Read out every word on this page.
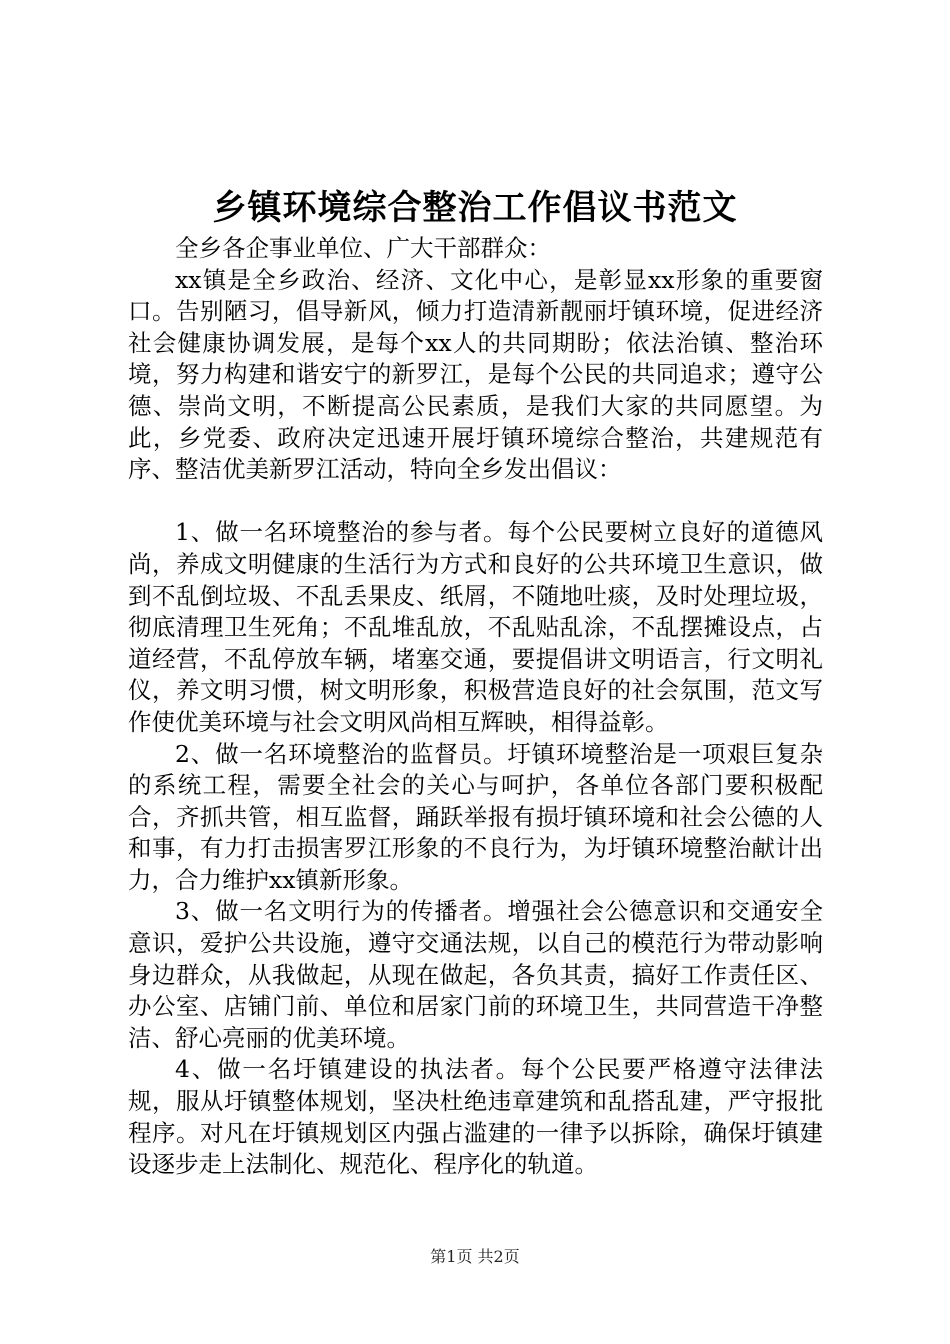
乡镇环境综合整治工作倡议书范文

全乡各企事业单位、广大干部群众：

xx镇是全乡政治、经济、文化中心，是彰显xx形象的重要窗口。告别陋习，倡导新风，倾力打造清新靓丽圩镇环境，促进经济社会健康协调发展，是每个xx人的共同期盼；依法治镇、整治环境，努力构建和谐安宁的新罗江，是每个公民的共同追求；遵守公德、崇尚文明，不断提高公民素质，是我们大家的共同愿望。为此，乡党委、政府决定迅速开展圩镇环境综合整治，共建规范有序、整洁优美新罗江活动，特向全乡发出倡议：

1、做一名环境整治的参与者。每个公民要树立良好的道德风尚，养成文明健康的生活行为方式和良好的公共环境卫生意识，做到不乱倒垃圾、不乱丢果皮、纸屑，不随地吐痰，及时处理垃圾，彻底清理卫生死角；不乱堆乱放，不乱贴乱涂，不乱摆摊设点，占道经营，不乱停放车辆，堵塞交通，要提倡讲文明语言，行文明礼仪，养文明习惯，树文明形象，积极营造良好的社会氛围，范文写作使优美环境与社会文明风尚相互辉映，相得益彰。

2、做一名环境整治的监督员。圩镇环境整治是一项艰巨复杂的系统工程，需要全社会的关心与呵护，各单位各部门要积极配合，齐抓共管，相互监督，踊跃举报有损圩镇环境和社会公德的人和事，有力打击损害罗江形象的不良行为，为圩镇环境整治献计出力，合力维护xx镇新形象。

3、做一名文明行为的传播者。增强社会公德意识和交通安全意识，爱护公共设施，遵守交通法规，以自己的模范行为带动影响身边群众，从我做起，从现在做起，各负其责，搞好工作责任区、办公室、店铺门前、单位和居家门前的环境卫生，共同营造干净整洁、舒心亮丽的优美环境。

4、做一名圩镇建设的执法者。每个公民要严格遵守法律法规，服从圩镇整体规划，坚决杜绝违章建筑和乱搭乱建，严守报批程序。对凡在圩镇规划区内强占滥建的一律予以拆除，确保圩镇建设逐步走上法制化、规范化、程序化的轨道。

第1页 共2页
